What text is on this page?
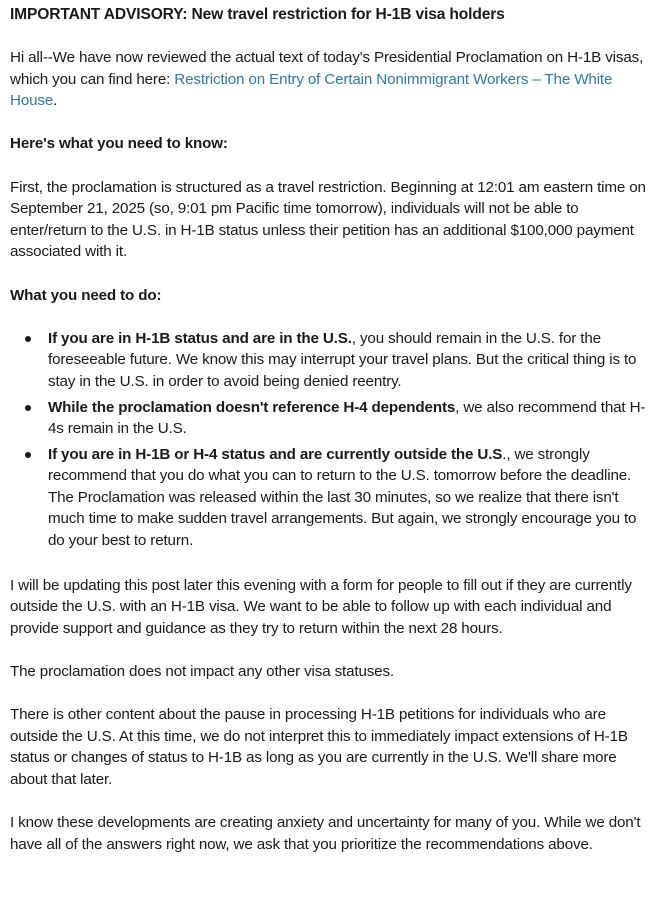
IMPORTANT ADVISORY: New travel restriction for H-1B visa holders

Hi all--We have now reviewed the actual text of today's Presidential Proclamation on H-1B visas, which you can find here: Restriction on Entry of Certain Nonimmigrant Workers – The White House.

Here's what you need to know:

First, the proclamation is structured as a travel restriction. Beginning at 12:01 am eastern time on September 21, 2025 (so, 9:01 pm Pacific time tomorrow), individuals will not be able to enter/return to the U.S. in H-1B status unless their petition has an additional $100,000 payment associated with it.

What you need to do:
If you are in H-1B status and are in the U.S., you should remain in the U.S. for the foreseeable future. We know this may interrupt your travel plans. But the critical thing is to stay in the U.S. in order to avoid being denied reentry.
While the proclamation doesn't reference H-4 dependents, we also recommend that H-4s remain in the U.S.
If you are in H-1B or H-4 status and are currently outside the U.S., we strongly recommend that you do what you can to return to the U.S. tomorrow before the deadline. The Proclamation was released within the last 30 minutes, so we realize that there isn't much time to make sudden travel arrangements. But again, we strongly encourage you to do your best to return.

I will be updating this post later this evening with a form for people to fill out if they are currently outside the U.S. with an H-1B visa. We want to be able to follow up with each individual and provide support and guidance as they try to return within the next 28 hours.

The proclamation does not impact any other visa statuses.

There is other content about the pause in processing H-1B petitions for individuals who are outside the U.S. At this time, we do not interpret this to immediately impact extensions of H-1B status or changes of status to H-1B as long as you are currently in the U.S. We'll share more about that later.

I know these developments are creating anxiety and uncertainty for many of you. While we don't have all of the answers right now, we ask that you prioritize the recommendations above.
